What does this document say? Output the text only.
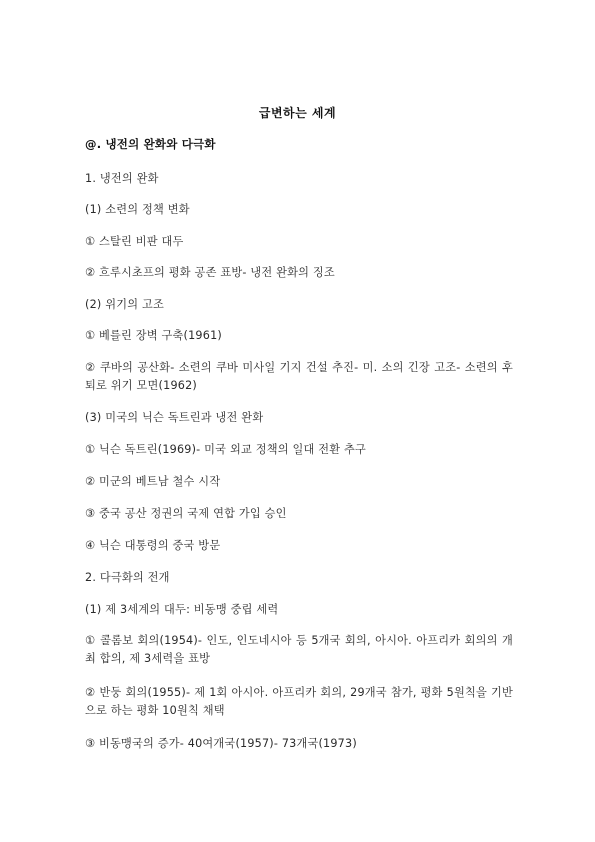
급변하는 세계
@. 냉전의 완화와 다극화
1. 냉전의 완화
(1) 소련의 정책 변화
① 스탈린 비판 대두
② 흐루시초프의 평화 공존 표방- 냉전 완화의 징조
(2) 위기의 고조
① 베를린 장벽 구축(1961)
② 쿠바의 공산화- 소련의 쿠바 미사일 기지 건설 추진- 미. 소의 긴장 고조- 소련의 후퇴로 위기 모면(1962)
(3) 미국의 닉슨 독트린과 냉전 완화
① 닉슨 독트린(1969)- 미국 외교 정책의 일대 전환 추구
② 미군의 베트남 철수 시작
③ 중국 공산 정권의 국제 연합 가입 승인
④ 닉슨 대통령의 중국 방문
2. 다극화의 전개
(1) 제 3세계의 대두: 비동맹 중립 세력
① 콜롬보 회의(1954)- 인도, 인도네시아 등 5개국 회의, 아시아. 아프리카 회의의 개최 합의, 제 3세력을 표방
② 반둥 회의(1955)- 제 1회 아시아. 아프리카 회의, 29개국 참가, 평화 5원칙을 기반으로 하는 평화 10원칙 채택
③ 비동맹국의 증가- 40여개국(1957)- 73개국(1973)
